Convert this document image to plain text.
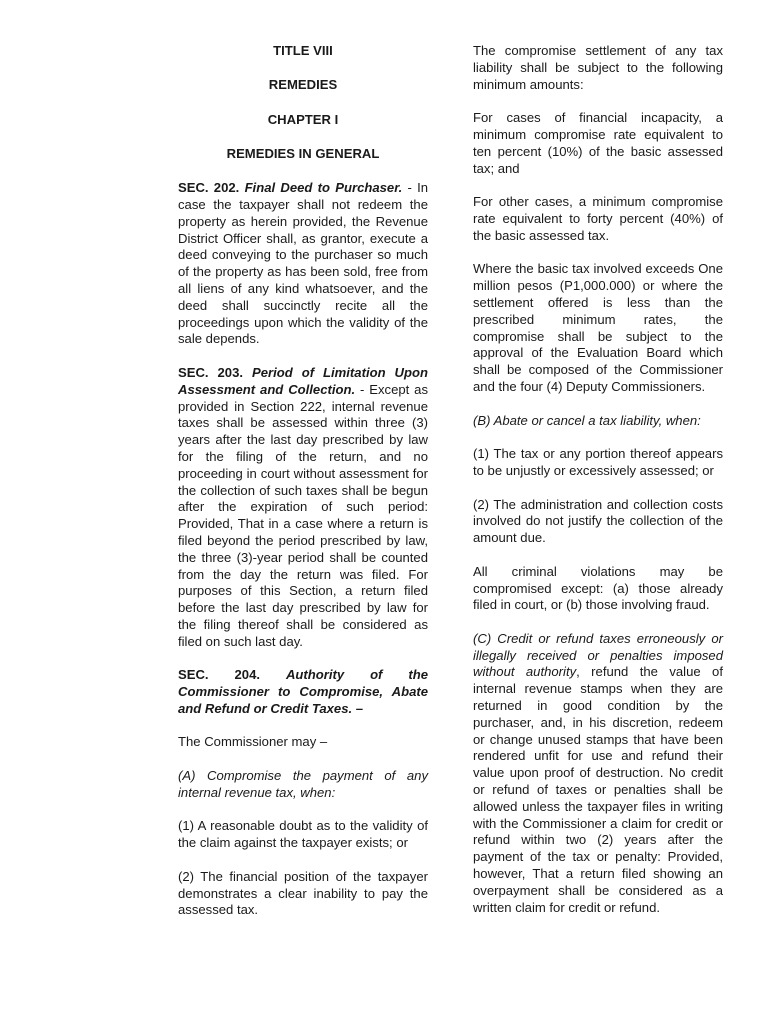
TITLE VIII
REMEDIES
CHAPTER I
REMEDIES IN GENERAL

SEC. 202. Final Deed to Purchaser. - In case the taxpayer shall not redeem the property as herein provided, the Revenue District Officer shall, as grantor, execute a deed conveying to the purchaser so much of the property as has been sold, free from all liens of any kind whatsoever, and the deed shall succinctly recite all the proceedings upon which the validity of the sale depends.

SEC. 203. Period of Limitation Upon Assessment and Collection. - Except as provided in Section 222, internal revenue taxes shall be assessed within three (3) years after the last day prescribed by law for the filing of the return, and no proceeding in court without assessment for the collection of such taxes shall be begun after the expiration of such period: Provided, That in a case where a return is filed beyond the period prescribed by law, the three (3)-year period shall be counted from the day the return was filed. For purposes of this Section, a return filed before the last day prescribed by law for the filing thereof shall be considered as filed on such last day.

SEC. 204. Authority of the Commissioner to Compromise, Abate and Refund or Credit Taxes. –

The Commissioner may –

(A) Compromise the payment of any internal revenue tax, when:

(1) A reasonable doubt as to the validity of the claim against the taxpayer exists; or

(2) The financial position of the taxpayer demonstrates a clear inability to pay the assessed tax.

The compromise settlement of any tax liability shall be subject to the following minimum amounts:

For cases of financial incapacity, a minimum compromise rate equivalent to ten percent (10%) of the basic assessed tax; and

For other cases, a minimum compromise rate equivalent to forty percent (40%) of the basic assessed tax.

Where the basic tax involved exceeds One million pesos (P1,000.000) or where the settlement offered is less than the prescribed minimum rates, the compromise shall be subject to the approval of the Evaluation Board which shall be composed of the Commissioner and the four (4) Deputy Commissioners.

(B) Abate or cancel a tax liability, when:

(1) The tax or any portion thereof appears to be unjustly or excessively assessed; or

(2) The administration and collection costs involved do not justify the collection of the amount due.

All criminal violations may be compromised except: (a) those already filed in court, or (b) those involving fraud.

(C) Credit or refund taxes erroneously or illegally received or penalties imposed without authority, refund the value of internal revenue stamps when they are returned in good condition by the purchaser, and, in his discretion, redeem or change unused stamps that have been rendered unfit for use and refund their value upon proof of destruction. No credit or refund of taxes or penalties shall be allowed unless the taxpayer files in writing with the Commissioner a claim for credit or refund within two (2) years after the payment of the tax or penalty: Provided, however, That a return filed showing an overpayment shall be considered as a written claim for credit or refund.
